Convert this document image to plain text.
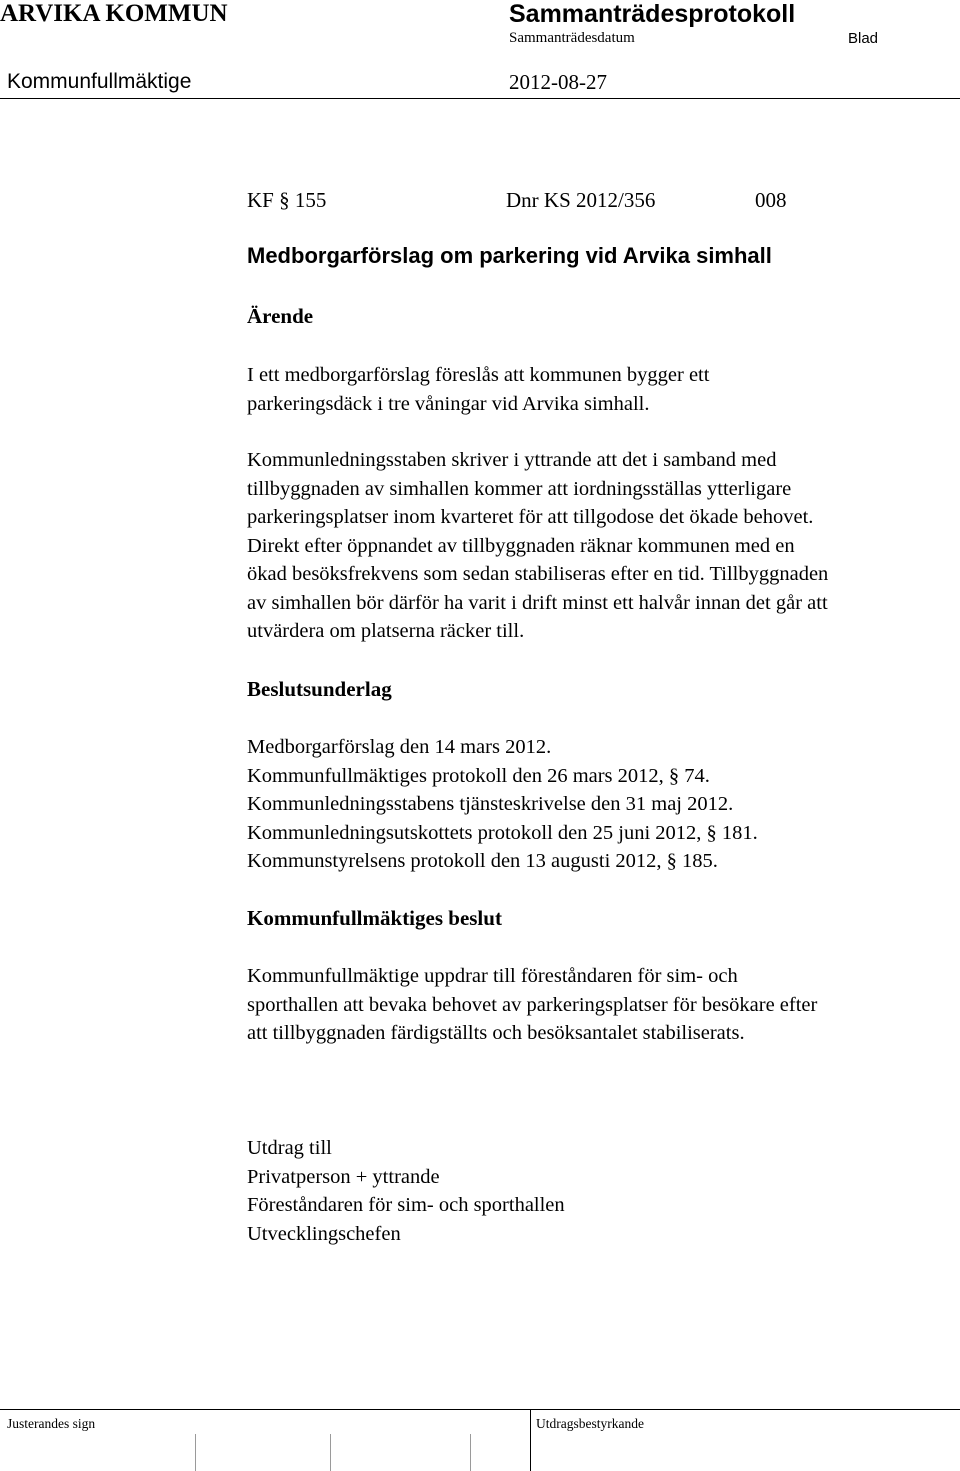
ARVIKA KOMMUN	Sammanträdesprotokoll
Sammanträdesdatum	Blad
Kommunfullmäktige	2012-08-27
KF § 155	Dnr KS 2012/356	008
Medborgarförslag om parkering vid Arvika simhall
Ärende

I ett medborgarförslag föreslås att kommunen bygger ett

parkeringsdäck i tre våningar vid Arvika simhall.

Kommunledningsstaben skriver i yttrande att det i samband med

tillbyggnaden av simhallen kommer att iordningsställas ytterligare

parkeringsplatser inom kvarteret för att tillgodose det ökade behovet.

Direkt efter öppnandet av tillbyggnaden räknar kommunen med en

ökad besöksfrekvens som sedan stabiliseras efter en tid. Tillbyggnaden

av simhallen bör därför ha varit i drift minst ett halvår innan det går att

utvärdera om platserna räcker till.

Beslutsunderlag

Medborgarförslag den 14 mars 2012.

Kommunfullmäktiges protokoll den 26 mars 2012, § 74.

Kommunledningsstabens tjänsteskrivelse den 31 maj 2012.

Kommunledningsutskottets protokoll den 25 juni 2012, § 181.

Kommunstyrelsens protokoll den 13 augusti 2012, § 185.

Kommunfullmäktiges beslut

Kommunfullmäktige uppdrar till föreståndaren för sim- och

sporthallen att bevaka behovet av parkeringsplatser för besökare efter

att tillbyggnaden färdigställts och besöksantalet stabiliserats.

Utdrag till

Privatperson + yttrande

Föreståndaren för sim- och sporthallen

Utvecklingschefen

Justerandes sign	Utdragsbestyrkande
